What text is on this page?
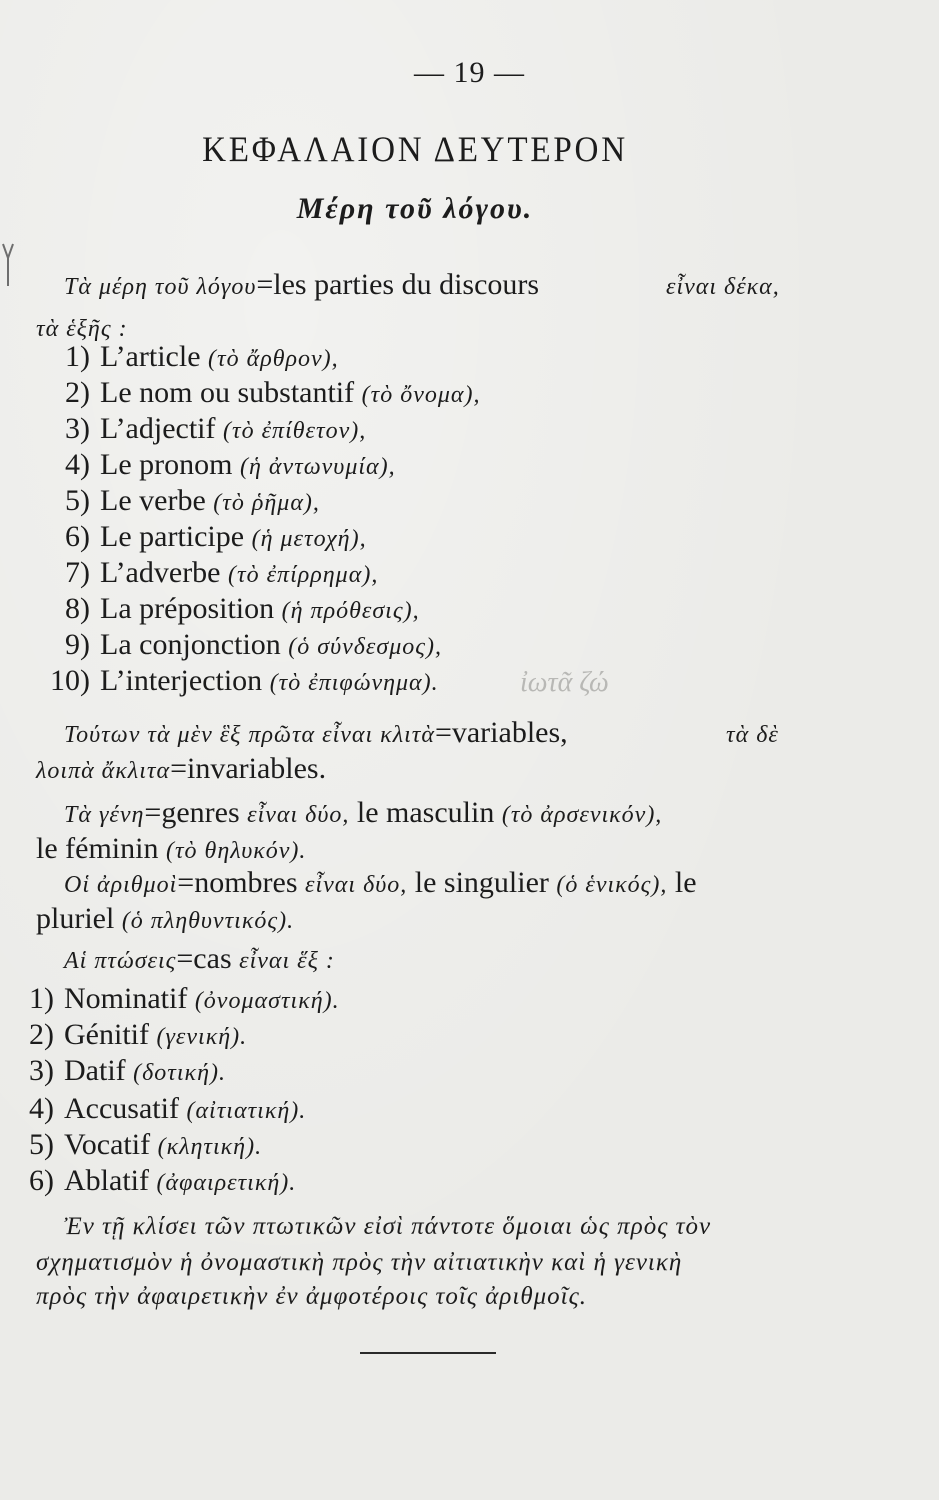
— 19 —
ΚΕΦΑΛΑΙΟΝ ΔΕΥΤΕΡΟΝ
Μέρη τοῦ λόγου.
Τὰ μέρη τοῦ λόγου=les parties du discours	εἶναι δέκα,
τὰ ἑξῆς :
1) L’article (τὸ ἄρθρον),
2) Le nom ou substantif (τὸ ὄνομα),
3) L’adjectif (τὸ ἐπίθετον),
4) Le pronom (ἡ ἀντωνυμία),
5) Le verbe (τὸ ῥῆμα),
6) Le participe (ἡ μετοχή),
7) L’adverbe (τὸ ἐπίρρημα),
8) La préposition (ἡ πρόθεσις),
9) La conjonction (ὁ σύνδεσμος),
10) L’interjection (τὸ ἐπιφώνημα).	ἰωτᾶ ζώ
Τούτων τὰ μὲν ἓξ πρῶτα εἶναι κλιτὰ=variables,	τὰ δὲ
λοιπὰ ἄκλιτα=invariables.
Τὰ γένη=genres εἶναι δύο, le masculin (τὸ ἀρσενικόν),
le féminin (τὸ θηλυκόν).
Οἱ ἀριθμοὶ=nombres εἶναι δύο, le singulier (ὁ ἑνικός), le
pluriel (ὁ πληθυντικός).
Αἱ πτώσεις=cas εἶναι ἕξ :
1) Nominatif (ὀνομαστική).
2) Génitif (γενική).
3) Datif (δοτική).
4) Accusatif (αἰτιατική).
5) Vocatif (κλητική).
6) Ablatif (ἀφαιρετική).
Ἐν τῇ κλίσει τῶν πτωτικῶν εἰσὶ πάντοτε ὅμοιαι ὡς πρὸς τὸν
σχηματισμὸν ἡ ὀνομαστικὴ πρὸς τὴν αἰτιατικὴν καὶ ἡ γενικὴ
πρὸς τὴν ἀφαιρετικὴν ἐν ἀμφοτέροις τοῖς ἀριθμοῖς.
